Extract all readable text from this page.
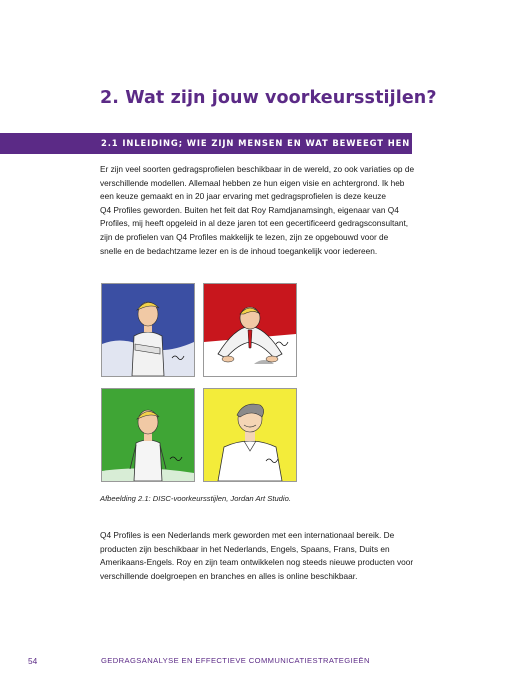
2. Wat zijn jouw voorkeursstijlen?
2.1 INLEIDING; WIE ZIJN MENSEN EN WAT BEWEEGT HEN
Er zijn veel soorten gedragsprofielen beschikbaar in de wereld, zo ook variaties op de
verschillende modellen. Allemaal hebben ze hun eigen visie en achtergrond. Ik heb
een keuze gemaakt en in 20 jaar ervaring met gedragsprofielen is deze keuze
Q4 Profiles geworden. Buiten het feit dat Roy Ramdjanamsingh, eigenaar van Q4
Profiles, mij heeft opgeleid in al deze jaren tot een gecertificeerd gedragsconsultant,
zijn de profielen van Q4 Profiles makkelijk te lezen, zijn ze opgebouwd voor de
snelle en de bedachtzame lezer en is de inhoud toegankelijk voor iedereen.
Afbeelding 2.1: DISC-voorkeursstijlen, Jordan Art Studio.
Q4 Profiles is een Nederlands merk geworden met een internationaal bereik. De
producten zijn beschikbaar in het Nederlands, Engels, Spaans, Frans, Duits en
Amerikaans-Engels. Roy en zijn team ontwikkelen nog steeds nieuwe producten voor
verschillende doelgroepen en branches en alles is online beschikbaar.
54	GEDRAGSANALYSE EN EFFECTIEVE COMMUNICATIESTRATEGIEËN
